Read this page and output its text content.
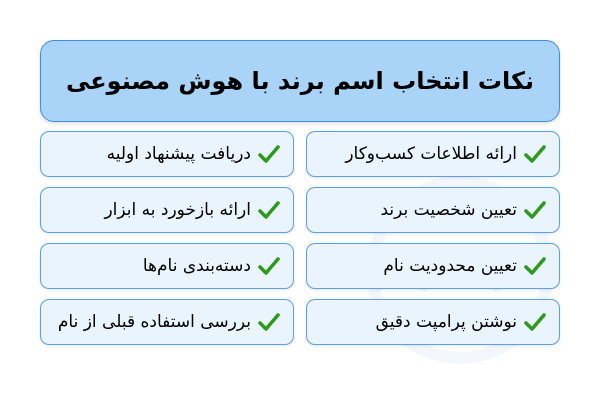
نکات انتخاب اسم برند با هوش مصنوعی
ارائه اطلاعات کسب‌وکار
تعیین شخصیت برند
تعیین محدودیت نام
نوشتن پرامپت دقیق
دریافت پیشنهاد اولیه
ارائه بازخورد به ابزار
دسته‌بندی نام‌ها
بررسی استفاده قبلی از نام
